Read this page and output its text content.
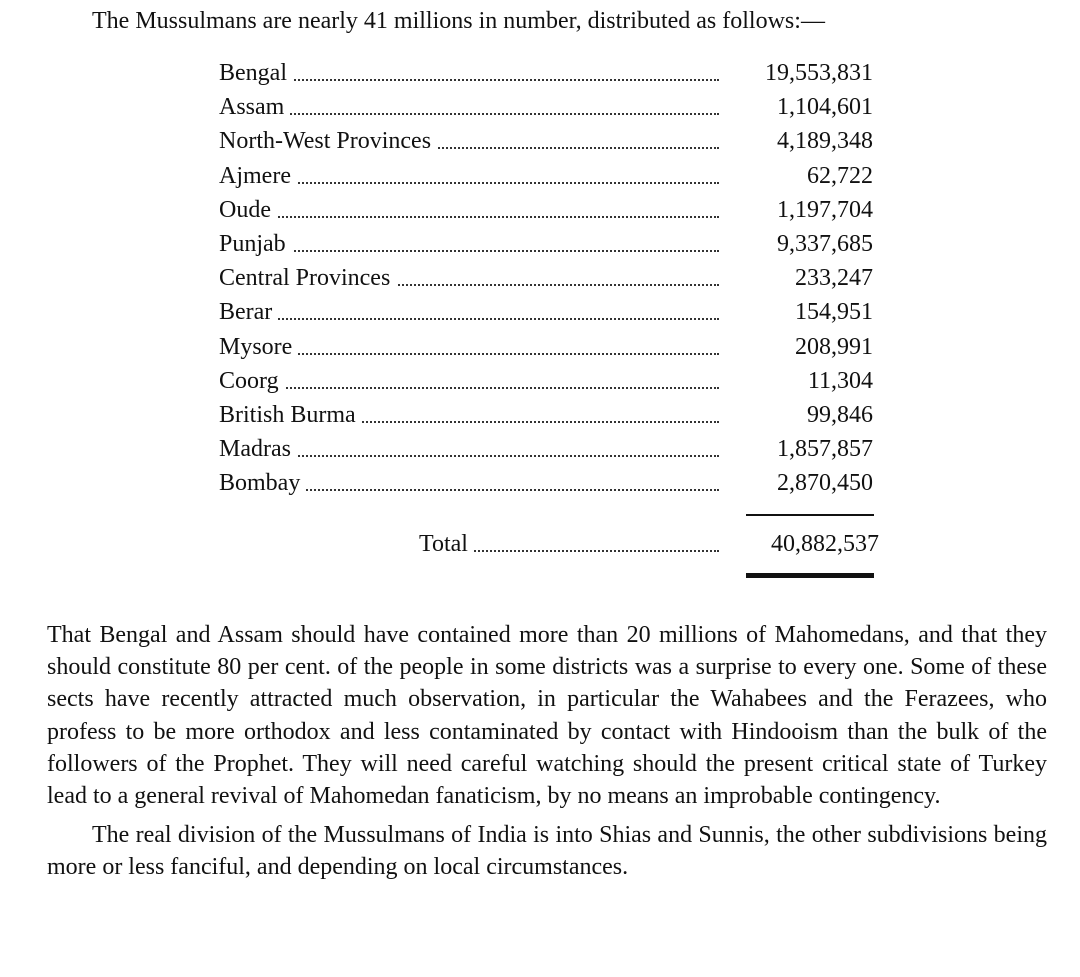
The Mussulmans are nearly 41 millions in number, distributed as follows:—
Bengal	19,553,831
Assam	1,104,601
North-West Provinces	4,189,348
Ajmere	62,722
Oude	1,197,704
Punjab	9,337,685
Central Provinces	233,247
Berar	154,951
Mysore	208,991
Coorg	11,304
British Burma	99,846
Madras	1,857,857
Bombay	2,870,450
Total	40,882,537

That Bengal and Assam should have contained more than 20 millions of Mahomedans, and that they should constitute 80 per cent. of the people in some districts was a surprise to every one. Some of these sects have recently attracted much observation, in particular the Wahabees and the Ferazees, who profess to be more orthodox and less contaminated by contact with Hindooism than the bulk of the followers of the Prophet. They will need careful watching should the present critical state of Turkey lead to a general revival of Mahomedan fanaticism, by no means an improbable contingency.

The real division of the Mussulmans of India is into Shias and Sunnis, the other subdivisions being more or less fanciful, and depending on local circumstances.
